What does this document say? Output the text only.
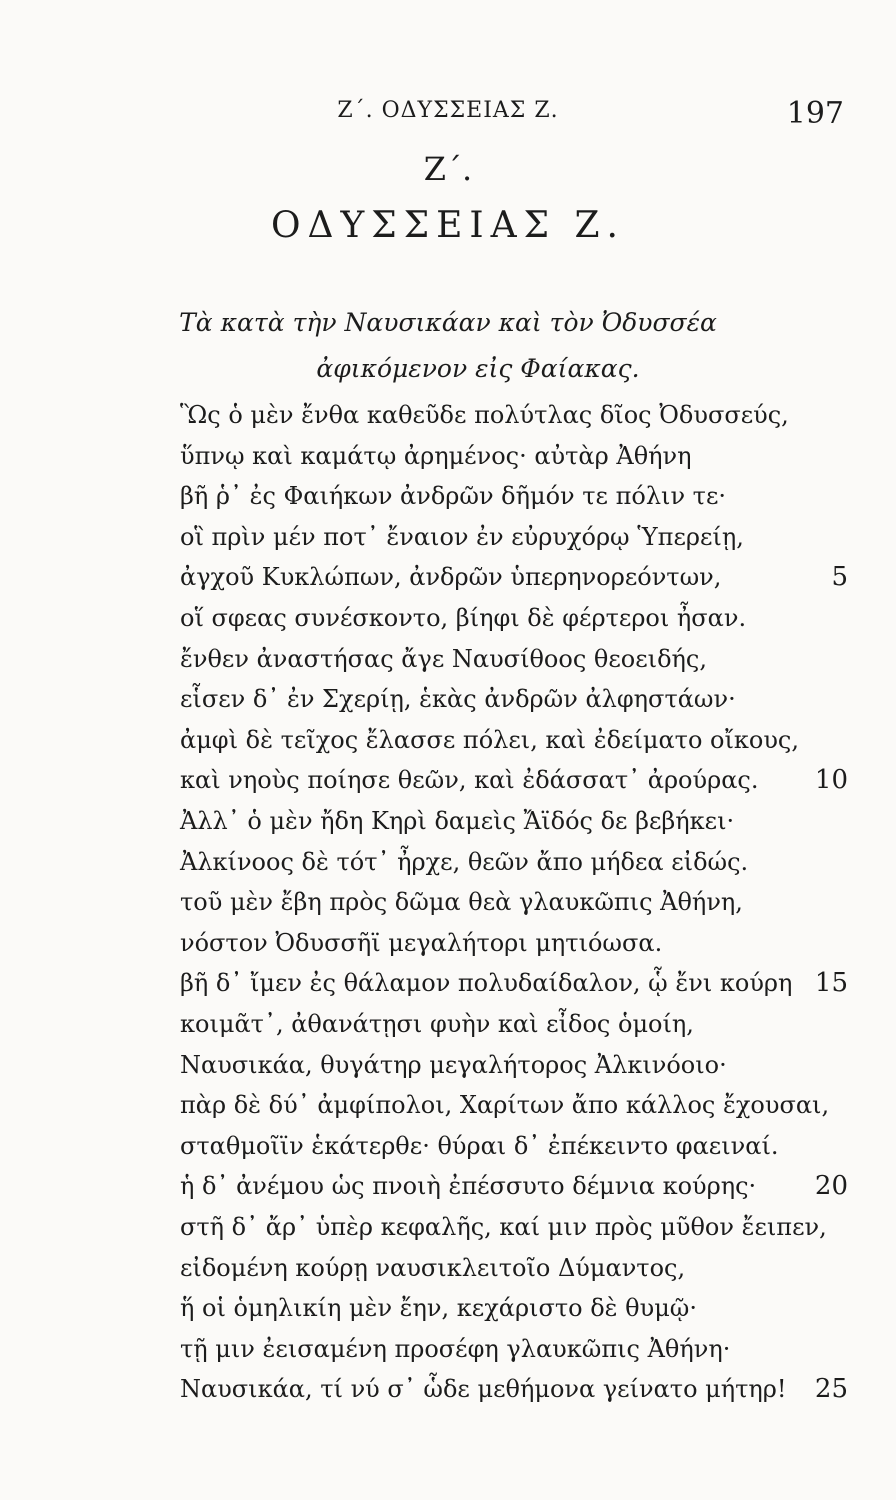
Ζ΄. ΟΔΥΣΣΕΙΑΣ Ζ.	197
Ζ΄.
ΟΔΥΣΣΕΙΑΣ Ζ.
Τὰ κατὰ τὴν Ναυσικάαν καὶ τὸν Ὀδυσσέα
ἀφικόμενον εἰς Φαίακας.
Ὣς ὁ μὲν ἔνθα καθεῦδε πολύτλας δῖος Ὀδυσσεύς,
ὕπνῳ καὶ καμάτῳ ἀρημένος· αὐτὰρ Ἀθήνη
βῆ ῥ᾽ ἐς Φαιήκων ἀνδρῶν δῆμόν τε πόλιν τε·
οἳ πρὶν μέν ποτ᾽ ἔναιον ἐν εὐρυχόρῳ Ὑπερείῃ,
ἀγχοῦ Κυκλώπων, ἀνδρῶν ὑπερηνορεόντων,	5
οἵ σφεας συνέσκοντο, βίηφι δὲ φέρτεροι ἦσαν.
ἔνθεν ἀναστήσας ἄγε Ναυσίθοος θεοειδής,
εἷσεν δ᾽ ἐν Σχερίῃ, ἑκὰς ἀνδρῶν ἀλφηστάων·
ἀμφὶ δὲ τεῖχος ἔλασσε πόλει, καὶ ἐδείματο οἴκους,
καὶ νηοὺς ποίησε θεῶν, καὶ ἐδάσσατ᾽ ἀρούρας.	10
Ἀλλ᾽ ὁ μὲν ἤδη Κηρὶ δαμεὶς Ἄϊδός δε βεβήκει·
Ἀλκίνοος δὲ τότ᾽ ἦρχε, θεῶν ἄπο μήδεα εἰδώς.
τοῦ μὲν ἔβη πρὸς δῶμα θεὰ γλαυκῶπις Ἀθήνη,
νόστον Ὀδυσσῆϊ μεγαλήτορι μητιόωσα.
βῆ δ᾽ ἴμεν ἐς θάλαμον πολυδαίδαλον, ᾧ ἔνι κούρη 15
κοιμᾶτ᾽, ἀθανάτῃσι φυὴν καὶ εἶδος ὁμοίη,
Ναυσικάα, θυγάτηρ μεγαλήτορος Ἀλκινόοιο·
πὰρ δὲ δύ᾽ ἀμφίπολοι, Χαρίτων ἄπο κάλλος ἔχουσαι,
σταθμοῖϊν ἑκάτερθε· θύραι δ᾽ ἐπέκειντο φαειναί.
ἡ δ᾽ ἀνέμου ὡς πνοιὴ ἐπέσσυτο δέμνια κούρης·	20
στῆ δ᾽ ἄρ᾽ ὑπὲρ κεφαλῆς, καί μιν πρὸς μῦθον ἔειπεν,
εἰδομένη κούρῃ ναυσικλειτοῖο Δύμαντος,
ἥ οἱ ὁμηλικίη μὲν ἔην, κεχάριστο δὲ θυμῷ·
τῇ μιν ἐεισαμένη προσέφη γλαυκῶπις Ἀθήνη·
Ναυσικάα, τί νύ σ᾽ ὧδε μεθήμονα γείνατο μήτηρ!	25
